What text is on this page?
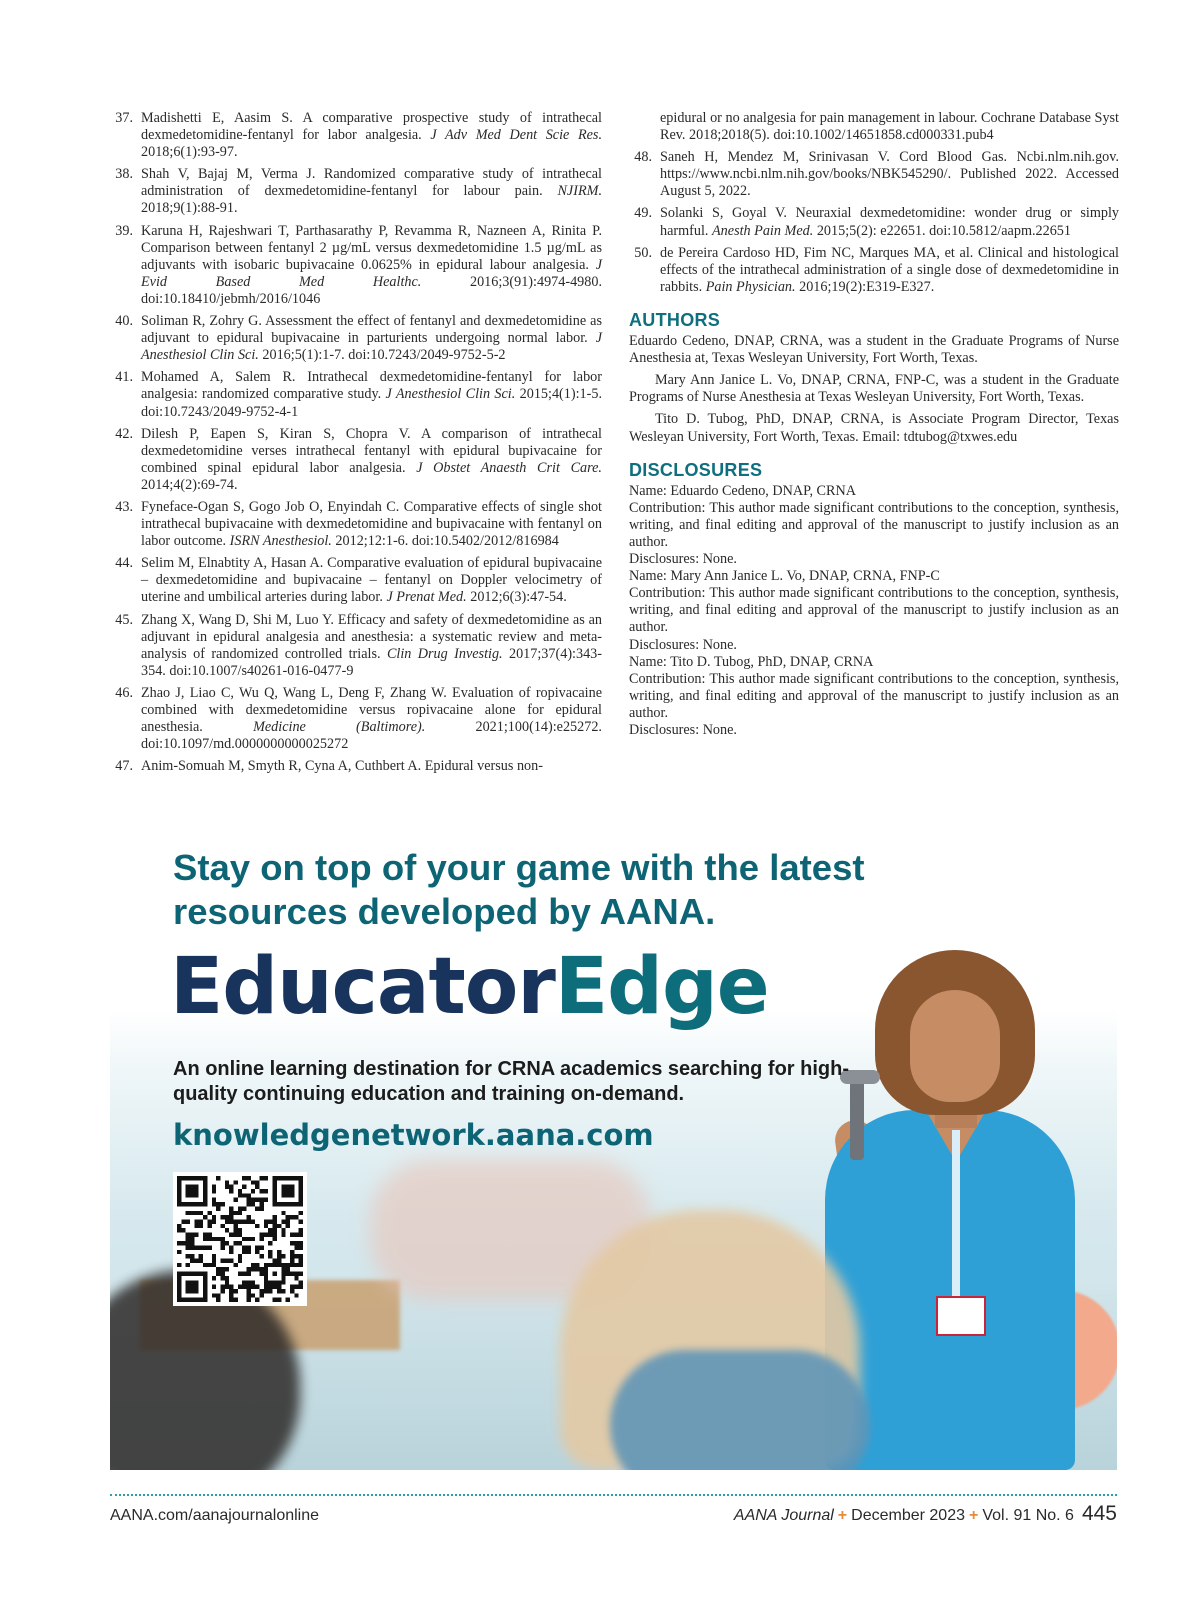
37. Madishetti E, Aasim S. A comparative prospective study of intrathecal dexmedetomidine-fentanyl for labor analgesia. J Adv Med Dent Scie Res. 2018;6(1):93-97.
38. Shah V, Bajaj M, Verma J. Randomized comparative study of intrathecal administration of dexmedetomidine-fentanyl for labour pain. NJIRM. 2018;9(1):88-91.
39. Karuna H, Rajeshwari T, Parthasarathy P, Revamma R, Nazneen A, Rinita P. Comparison between fentanyl 2 µg/mL versus dexmedetomidine 1.5 µg/mL as adjuvants with isobaric bupivacaine 0.0625% in epidural labour analgesia. J Evid Based Med Healthc. 2016;3(91):4974-4980. doi:10.18410/jebmh/2016/1046
40. Soliman R, Zohry G. Assessment the effect of fentanyl and dexmedetomidine as adjuvant to epidural bupivacaine in parturients undergoing normal labor. J Anesthesiol Clin Sci. 2016;5(1):1-7. doi:10.7243/2049-9752-5-2
41. Mohamed A, Salem R. Intrathecal dexmedetomidine-fentanyl for labor analgesia: randomized comparative study. J Anesthesiol Clin Sci. 2015;4(1):1-5. doi:10.7243/2049-9752-4-1
42. Dilesh P, Eapen S, Kiran S, Chopra V. A comparison of intrathecal dexmedetomidine verses intrathecal fentanyl with epidural bupivacaine for combined spinal epidural labor analgesia. J Obstet Anaesth Crit Care. 2014;4(2):69-74.
43. Fyneface-Ogan S, Gogo Job O, Enyindah C. Comparative effects of single shot intrathecal bupivacaine with dexmedetomidine and bupivacaine with fentanyl on labor outcome. ISRN Anesthesiol. 2012;12:1-6. doi:10.5402/2012/816984
44. Selim M, Elnabtity A, Hasan A. Comparative evaluation of epidural bupivacaine – dexmedetomidine and bupivacaine – fentanyl on Doppler velocimetry of uterine and umbilical arteries during labor. J Prenat Med. 2012;6(3):47-54.
45. Zhang X, Wang D, Shi M, Luo Y. Efficacy and safety of dexmedetomidine as an adjuvant in epidural analgesia and anesthesia: a systematic review and meta-analysis of randomized controlled trials. Clin Drug Investig. 2017;37(4):343-354. doi:10.1007/s40261-016-0477-9
46. Zhao J, Liao C, Wu Q, Wang L, Deng F, Zhang W. Evaluation of ropivacaine combined with dexmedetomidine versus ropivacaine alone for epidural anesthesia. Medicine (Baltimore). 2021;100(14):e25272. doi:10.1097/md.0000000000025272
47. Anim-Somuah M, Smyth R, Cyna A, Cuthbert A. Epidural versus non-
epidural or no analgesia for pain management in labour. Cochrane Database Syst Rev. 2018;2018(5). doi:10.1002/14651858.cd000331.pub4
48. Saneh H, Mendez M, Srinivasan V. Cord Blood Gas. Ncbi.nlm.nih.gov. https://www.ncbi.nlm.nih.gov/books/NBK545290/. Published 2022. Accessed August 5, 2022.
49. Solanki S, Goyal V. Neuraxial dexmedetomidine: wonder drug or simply harmful. Anesth Pain Med. 2015;5(2): e22651. doi:10.5812/aapm.22651
50. de Pereira Cardoso HD, Fim NC, Marques MA, et al. Clinical and histological effects of the intrathecal administration of a single dose of dexmedetomidine in rabbits. Pain Physician. 2016;19(2):E319-E327.
AUTHORS
Eduardo Cedeno, DNAP, CRNA, was a student in the Graduate Programs of Nurse Anesthesia at, Texas Wesleyan University, Fort Worth, Texas.
Mary Ann Janice L. Vo, DNAP, CRNA, FNP-C, was a student in the Graduate Programs of Nurse Anesthesia at Texas Wesleyan University, Fort Worth, Texas.
Tito D. Tubog, PhD, DNAP, CRNA, is Associate Program Director, Texas Wesleyan University, Fort Worth, Texas. Email: tdtubog@txwes.edu
DISCLOSURES

Name: Eduardo Cedeno, DNAP, CRNA

Contribution: This author made significant contributions to the conception, synthesis, writing, and final editing and approval of the manuscript to justify inclusion as an author.

Disclosures: None.

Name: Mary Ann Janice L. Vo, DNAP, CRNA, FNP-C

Contribution: This author made significant contributions to the conception, synthesis, writing, and final editing and approval of the manuscript to justify inclusion as an author.

Disclosures: None.

Name: Tito D. Tubog, PhD, DNAP, CRNA

Contribution: This author made significant contributions to the conception, synthesis, writing, and final editing and approval of the manuscript to justify inclusion as an author.

Disclosures: None.

Stay on top of your game with the latest resources developed by AANA.
EducatorEdge
An online learning destination for CRNA academics searching for high-quality continuing education and training on-demand.
knowledgenetwork.aana.com
AANA.com/aanajournalonline	AANA Journal + December 2023 + Vol. 91 No. 6 445
